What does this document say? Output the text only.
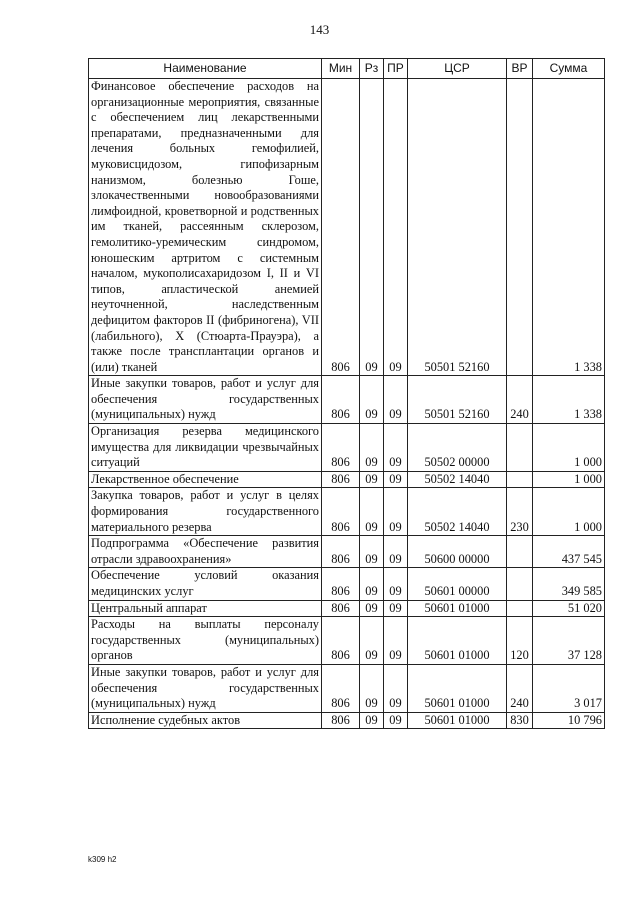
143
Наименование	Мин	Рз	ПР	ЦСР	ВР	Сумма
Финансовое обеспечение расходов на организационные мероприятия, связанные с обеспечением лиц лекарственными препаратами, предназначенными для лечения больных гемофилией, муковисцидозом, гипофизарным нанизмом, болезнью Гоше, злокачественными новообразованиями лимфоидной, кроветворной и родственных им тканей, рассеянным склерозом, гемолитико-уремическим синдромом, юношеским артритом с системным началом, мукополисахаридозом I, II и VI типов, апластической анемией неуточненной, наследственным дефицитом факторов II (фибриногена), VII (лабильного), X (Стюарта-Прауэра), а также после трансплантации органов и (или) тканей	806	09	09	50501 52160		1 338
Иные закупки товаров, работ и услуг для обеспечения государственных (муниципальных) нужд	806	09	09	50501 52160	240	1 338
Организация резерва медицинского имущества для ликвидации чрезвычайных ситуаций	806	09	09	50502 00000		1 000
Лекарственное обеспечение	806	09	09	50502 14040		1 000
Закупка товаров, работ и услуг в целях формирования государственного материального резерва	806	09	09	50502 14040	230	1 000
Подпрограмма «Обеспечение развития отрасли здравоохранения»	806	09	09	50600 00000		437 545
Обеспечение условий оказания медицинских услуг	806	09	09	50601 00000		349 585
Центральный аппарат	806	09	09	50601 01000		51 020
Расходы на выплаты персоналу государственных (муниципальных) органов	806	09	09	50601 01000	120	37 128
Иные закупки товаров, работ и услуг для обеспечения государственных (муниципальных) нужд	806	09	09	50601 01000	240	3 017
Исполнение судебных актов	806	09	09	50601 01000	830	10 796
k309 h2
